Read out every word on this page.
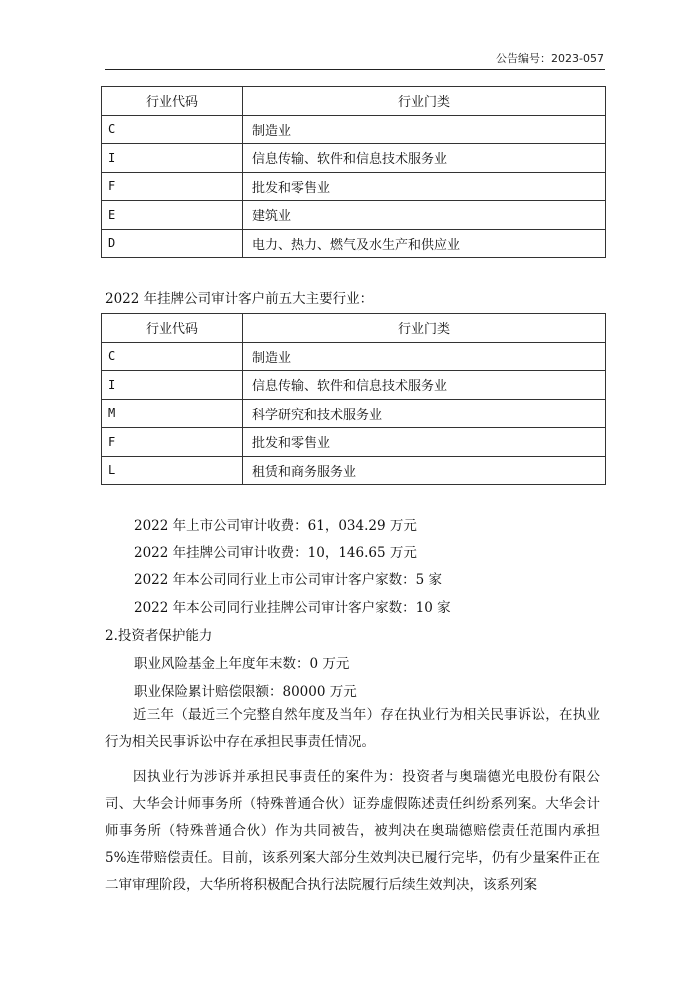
公告编号：2023-057
行业代码	行业门类
C	制造业
I	信息传输、软件和信息技术服务业
F	批发和零售业
E	建筑业
D	电力、热力、燃气及水生产和供应业
2022 年挂牌公司审计客户前五大主要行业：
行业代码	行业门类
C	制造业
I	信息传输、软件和信息技术服务业
M	科学研究和技术服务业
F	批发和零售业
L	租赁和商务服务业
2022 年上市公司审计收费：61，034.29 万元
2022 年挂牌公司审计收费：10，146.65 万元
2022 年本公司同行业上市公司审计客户家数：5 家
2022 年本公司同行业挂牌公司审计客户家数：10 家
2.投资者保护能力
职业风险基金上年度年末数：0 万元
职业保险累计赔偿限额：80000 万元
近三年（最近三个完整自然年度及当年）存在执业行为相关民事诉讼，在执业行为相关民事诉讼中存在承担民事责任情况。
因执业行为涉诉并承担民事责任的案件为：投资者与奥瑞德光电股份有限公司、大华会计师事务所（特殊普通合伙）证券虚假陈述责任纠纷系列案。大华会计师事务所（特殊普通合伙）作为共同被告，被判决在奥瑞德赔偿责任范围内承担 5%连带赔偿责任。目前，该系列案大部分生效判决已履行完毕，仍有少量案件正在二审审理阶段，大华所将积极配合执行法院履行后续生效判决，该系列案
